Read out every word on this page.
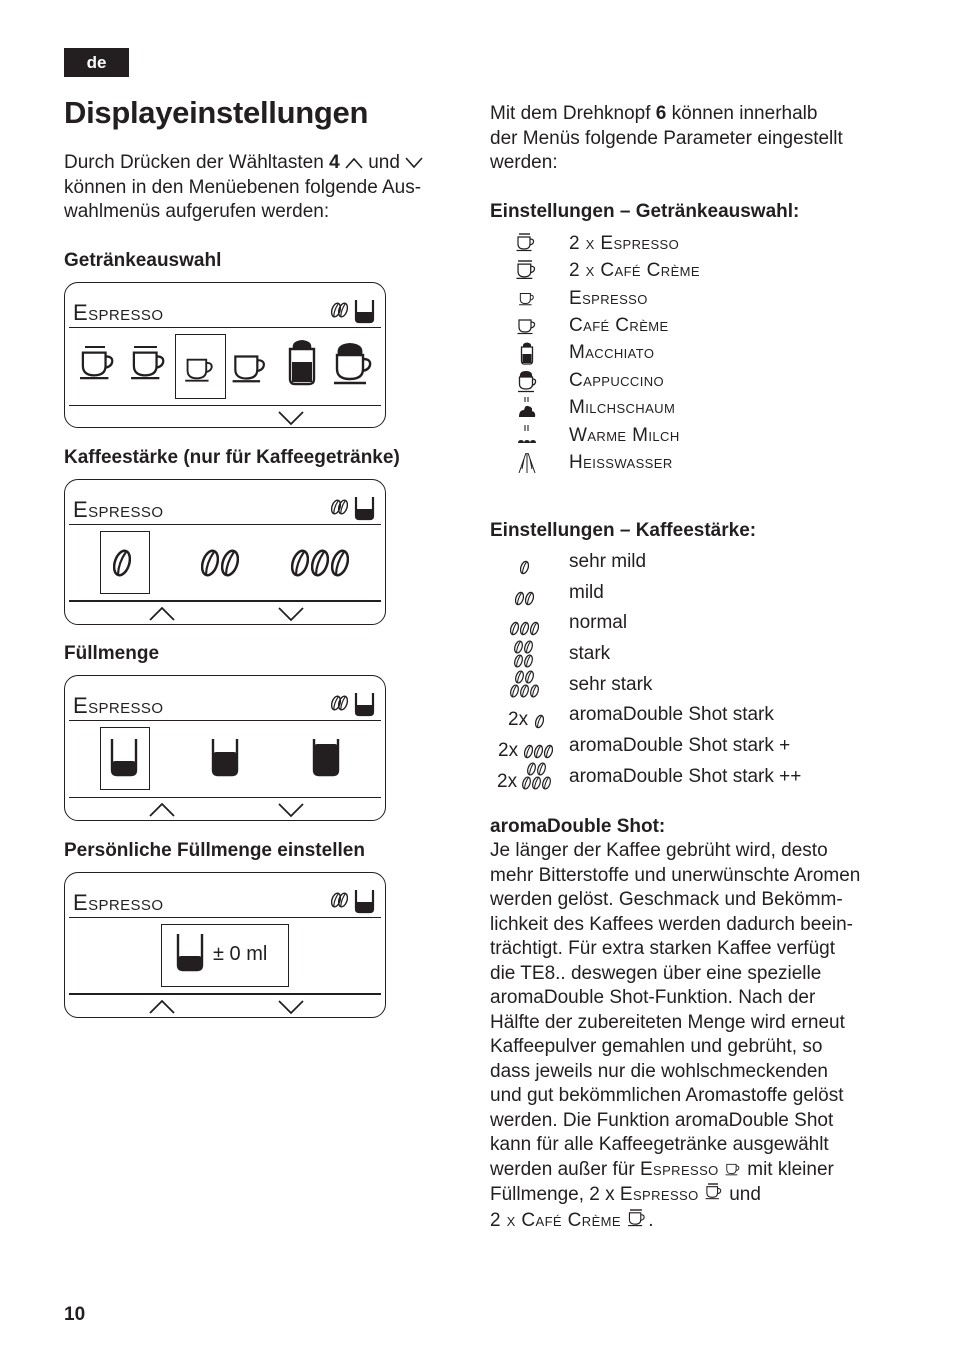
de
Displayeinstellungen
Durch Drücken der Wähltasten 4  und
können in den Menüebenen folgende Aus-
wahlmenüs aufgerufen werden:
Getränkeauswahl
Espresso
Kaffeestärke (nur für Kaffeegetränke)
Espresso
Füllmenge
Espresso
Persönliche Füllmenge einstellen
Espresso
± 0 ml
Mit dem Drehknopf 6 können innerhalb
der Menüs folgende Parameter eingestellt
werden:
Einstellungen – Getränkeauswahl:
2 x Espresso
2 x Café Crème
Espresso
Café Crème
Macchiato
Cappuccino
Milchschaum
Warme Milch
Heisswasser
Einstellungen – Kaffeestärke:
sehr mild
mild
normal
stark
sehr stark
2x aromaDouble Shot stark
2x	aromaDouble Shot stark +
2x	aromaDouble Shot stark ++
aromaDouble Shot:
Je länger der Kaffee gebrüht wird, desto
mehr Bitterstoffe und unerwünschte Aromen
werden gelöst. Geschmack und Bekömm-
lichkeit des Kaffees werden dadurch beein-
trächtigt. Für extra starken Kaffee verfügt
die TE8.. deswegen über eine spezielle
aromaDouble Shot-Funktion. Nach der
Hälfte der zubereiteten Menge wird erneut
Kaffeepulver gemahlen und gebrüht, so
dass jeweils nur die wohlschmeckenden
und gut bekömmlichen Aromastoffe gelöst
werden. Die Funktion aromaDouble Shot
kann für alle Kaffeegetränke ausgewählt
werden außer für Espresso  mit kleiner
Füllmenge, 2 x Espresso  und
2 x Café Crème .
10
